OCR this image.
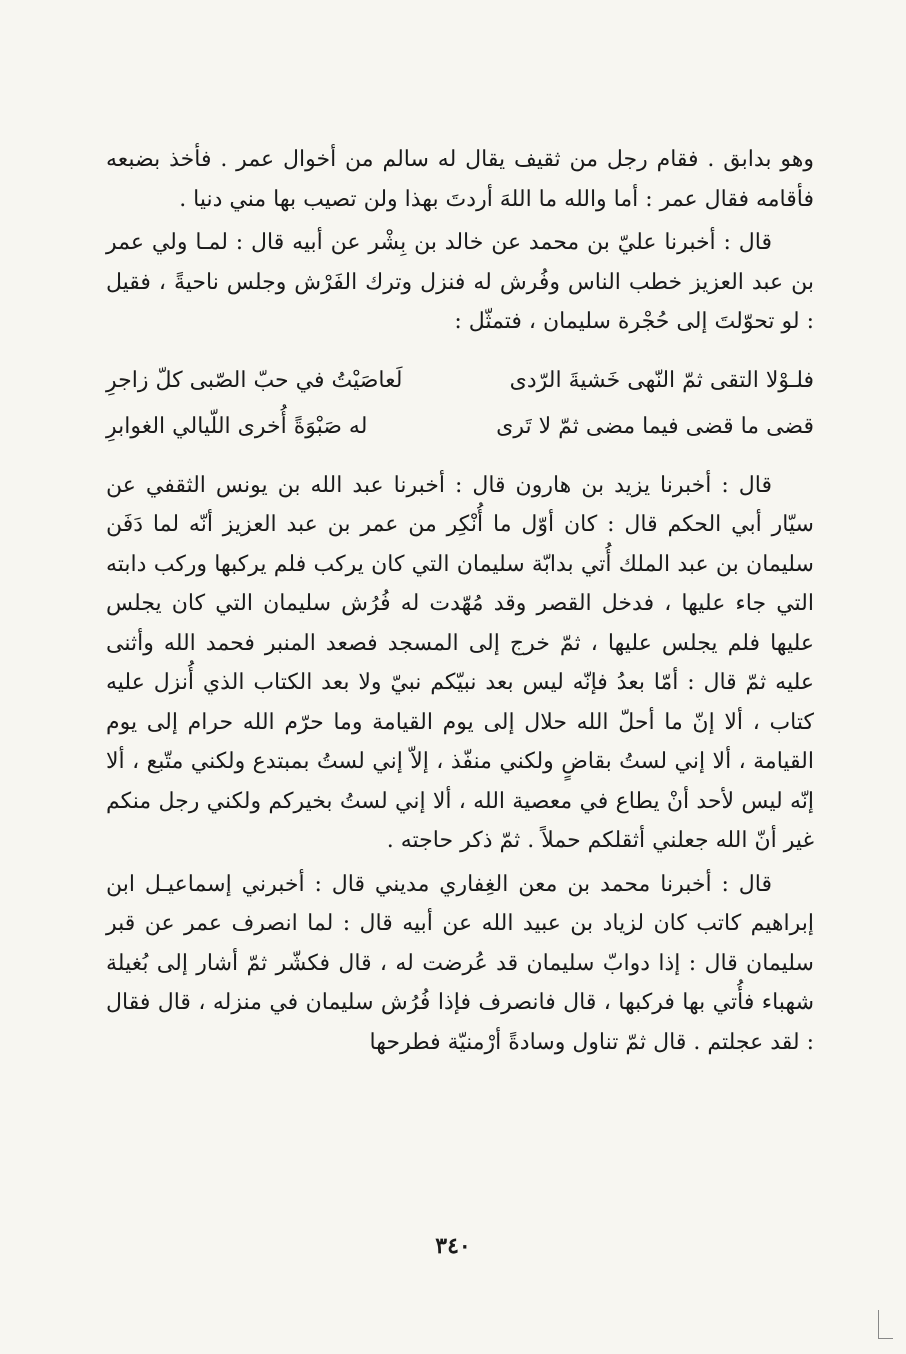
وهو بدابق . فقام رجل من ثقيف يقال له سالم من أخوال عمر . فأخذ بضبعه فأقامه فقال عمر : أما والله ما اللهَ أردتَ بهذا ولن تصيب بها مني دنيا .

قال : أخبرنا عليّ بن محمد عن خالد بن بِشْر عن أبيه قال : لمـا ولي عمر بن عبد العزيز خطب الناس وفُرش له فنزل وترك الفَرْش وجلس ناحيةً ، فقيل : لو تحوّلتَ إلى حُجْرة سليمان ، فتمثّل :

فلـوْلا التقى ثمّ النّهى خَشيةَ الرّدى
لَعاصَيْتُ في حبّ الصّبى كلّ زاجرِ
قضى ما قضى فيما مضى ثمّ لا تَرى
له صَبْوَةً أُخرى اللّيالي الغوابرِ

قال : أخبرنا يزيد بن هارون قال : أخبرنا عبد الله بن يونس الثقفي عن سيّار أبي الحكم قال : كان أوّل ما أُنْكِر من عمر بن عبد العزيز أنّه لما دَفَن سليمان بن عبد الملك أُتي بدابّة سليمان التي كان يركب فلم يركبها وركب دابته التي جاء عليها ، فدخل القصر وقد مُهّدت له فُرُش سليمان التي كان يجلس عليها فلم يجلس عليها ، ثمّ خرج إلى المسجد فصعد المنبر فحمد الله وأثنى عليه ثمّ قال : أمّا بعدُ فإنّه ليس بعد نبيّكم نبيّ ولا بعد الكتاب الذي أُنزل عليه كتاب ، ألا إنّ ما أحلّ الله حلال إلى يوم القيامة وما حرّم الله حرام إلى يوم القيامة ، ألا إني لستُ بقاضٍ ولكني منفّذ ، إلاّ إني لستُ بمبتدع ولكني متّبع ، ألا إنّه ليس لأحد أنْ يطاع في معصية الله ، ألا إني لستُ بخيركم ولكني رجل منكم غير أنّ الله جعلني أثقلكم حملاً . ثمّ ذكر حاجته .

قال : أخبرنا محمد بن معن الغِفاري مديني قال : أخبرني إسماعيـل ابن إبراهيم كاتب كان لزياد بن عبيد الله عن أبيه قال : لما انصرف عمر عن قبر سليمان قال : إذا دوابّ سليمان قد عُرضت له ، قال فكشّر ثمّ أشار إلى بُغيلة شهباء فأُتي بها فركبها ، قال فانصرف فإذا فُرُش سليمان في منزله ، قال فقال : لقد عجلتم . قال ثمّ تناول وسادةً أرْمنيّة فطرحها

٣٤٠
